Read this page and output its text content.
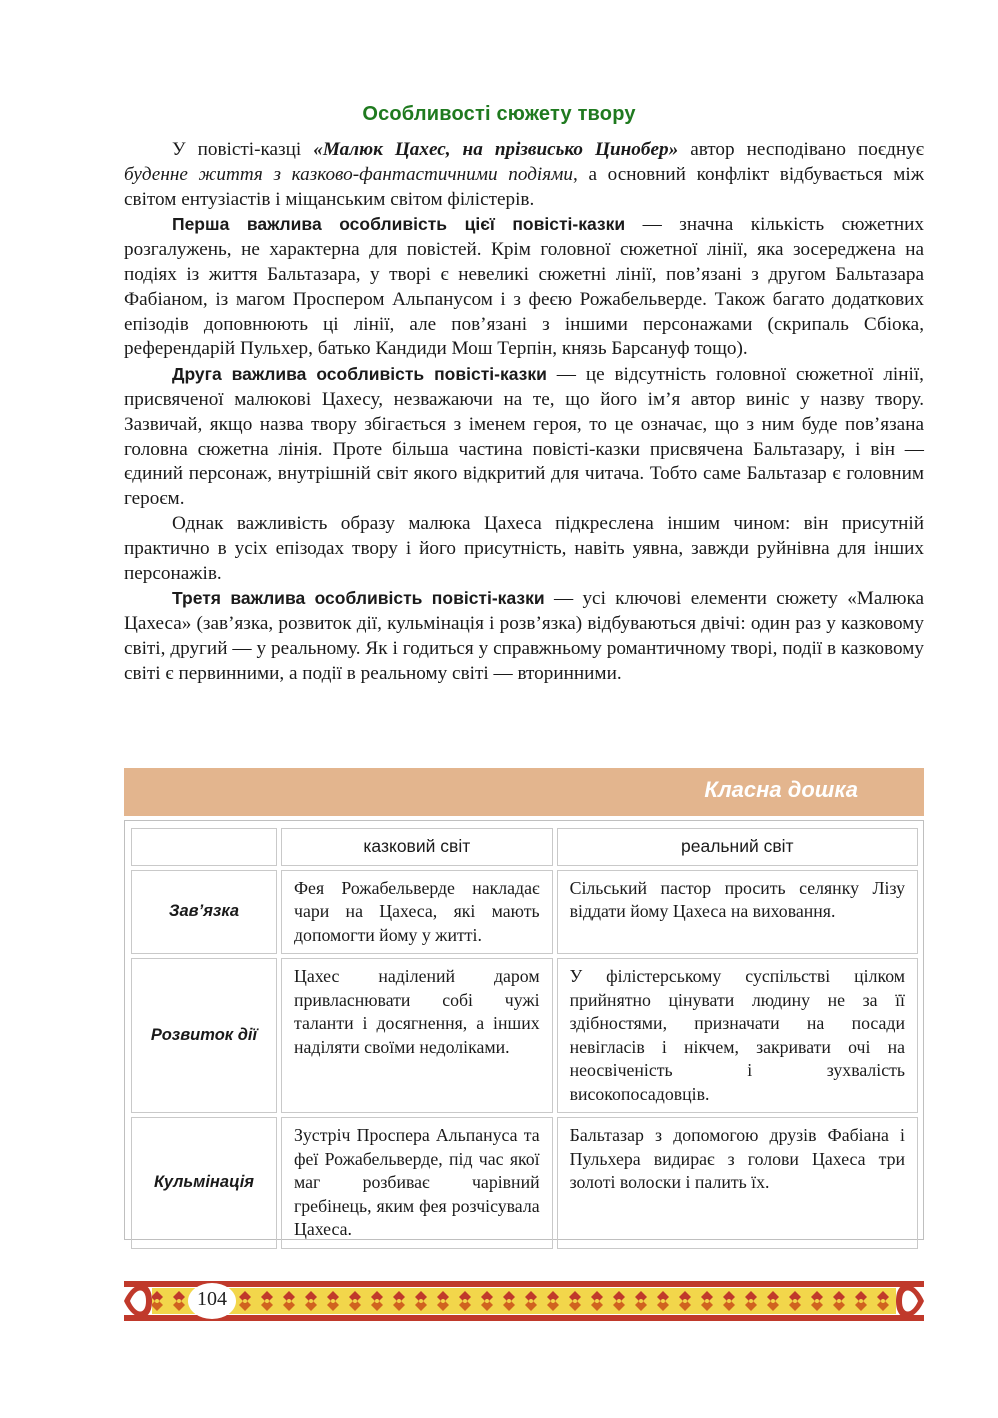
Особливості сюжету твору

У повісті-казці «Малюк Цахес, на прізвисько Цинобер» автор несподівано поєднує буденне життя з казково-фантастичними подіями, а основний конфлікт відбувається між світом ентузіастів і міщанським світом філістерів.

Перша важлива особливість цієї повісті-казки — значна кількість сюжетних розгалужень, не характерна для повістей. Крім головної сюжетної лінії, яка зосереджена на подіях із життя Бальтазара, у творі є невеликі сюжетні лінії, пов’язані з другом Бальтазара Фабіаном, із магом Проспером Альпанусом і з феєю Рожабельверде. Також багато додаткових епізодів доповнюють ці лінії, але пов’язані з іншими персонажами (скрипаль Сбіока, референдарій Пульхер, батько Кандиди Мош Терпін, князь Барсануф тощо).

Друга важлива особливість повісті-казки — це відсутність головної сюжетної лінії, присвяченої малюкові Цахесу, незважаючи на те, що його ім’я автор виніс у назву твору. Зазвичай, якщо назва твору збігається з іменем героя, то це означає, що з ним буде пов’язана головна сюжетна лінія. Проте більша частина повісті-казки присвячена Бальтазару, і він — єдиний персонаж, внутрішній світ якого відкритий для читача. Тобто саме Бальтазар є головним героєм.

Однак важливість образу малюка Цахеса підкреслена іншим чином: він присутній практично в усіх епізодах твору і його присутність, навіть уявна, завжди руйнівна для інших персонажів.

Третя важлива особливість повісті-казки — усі ключові елементи сюжету «Малюка Цахеса» (зав’язка, розвиток дії, кульмінація і розв’язка) відбуваються двічі: один раз у казковому світі, другий — у реальному. Як і годиться у справжньому романтичному творі, події в казковому світі є первинними, а події в реальному світі — вторинними.

Класна дошка
	казковий світ	реальний світ
Зав’язка	Фея Рожабельверде накладає чари на Цахеса, які мають допомогти йому у житті.	Сільський пастор просить селянку Лізу віддати йому Цахеса на виховання.
Розвиток дії	Цахес наділений даром привласнювати собі чужі таланти і досягнення, а інших наділяти своїми недоліками.	У філістерському суспільстві цілком прийнятно цінувати людину не за її здібностями, призначати на посади невігласів і нікчем, закривати очі на неосвіченість і зухвалість високопосадовців.
Кульмінація	Зустріч Проспера Альпануса та феї Рожабельверде, під час якої маг розбиває чарівний гребінець, яким фея розчісувала Цахеса.	Бальтазар з допомогою друзів Фабіана і Пульхера видирає з голови Цахеса три золоті волоски і палить їх.
104
